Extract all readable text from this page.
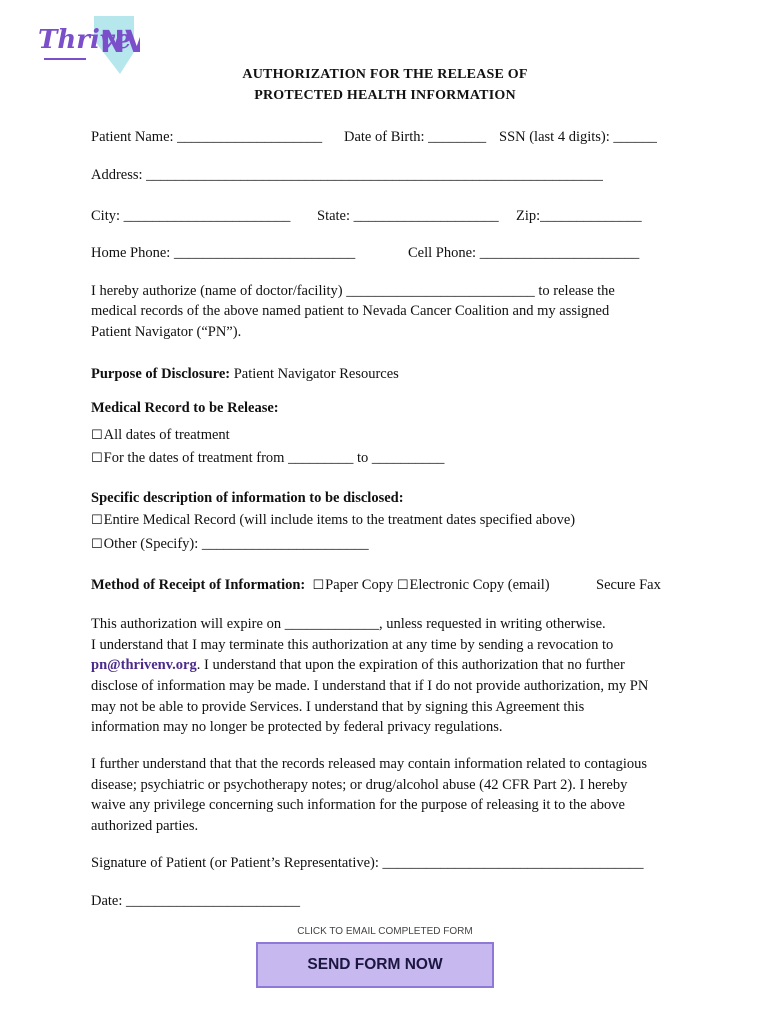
Thrive
NV
AUTHORIZATION FOR THE RELEASE OF
PROTECTED HEALTH INFORMATION
Patient Name: ____________________ Date of Birth: ________ SSN (last 4 digits): ______
Address: _______________________________________________________________
City: _______________________ State: ____________________ Zip:______________
Home Phone: _________________________	Cell Phone: ______________________
I hereby authorize (name of doctor/facility) __________________________ to release the
medical records of the above named patient to Nevada Cancer Coalition and my assigned
Patient Navigator (“PN”).
Purpose of Disclosure: Patient Navigator Resources
Medical Record to be Release:
☐All dates of treatment
☐For the dates of treatment from _________ to __________
Specific description of information to be disclosed:
☐Entire Medical Record (will include items to the treatment dates specified above)
☐Other (Specify): _______________________
Method of Receipt of Information: ☐Paper Copy ☐Electronic Copy (email)	Secure Fax
This authorization will expire on _____________, unless requested in writing otherwise.
I understand that I may terminate this authorization at any time by sending a revocation to
pn@thrivenv.org. I understand that upon the expiration of this authorization that no further
disclose of information may be made. I understand that if I do not provide authorization, my PN
may not be able to provide Services. I understand that by signing this Agreement this
information may no longer be protected by federal privacy regulations.
I further understand that that the records released may contain information related to contagious
disease; psychiatric or psychotherapy notes; or drug/alcohol abuse (42 CFR Part 2). I hereby
waive any privilege concerning such information for the purpose of releasing it to the above
authorized parties.
Signature of Patient (or Patient’s Representative): ____________________________________
Date: ________________________
CLICK TO EMAIL COMPLETED FORM
SEND FORM NOW
